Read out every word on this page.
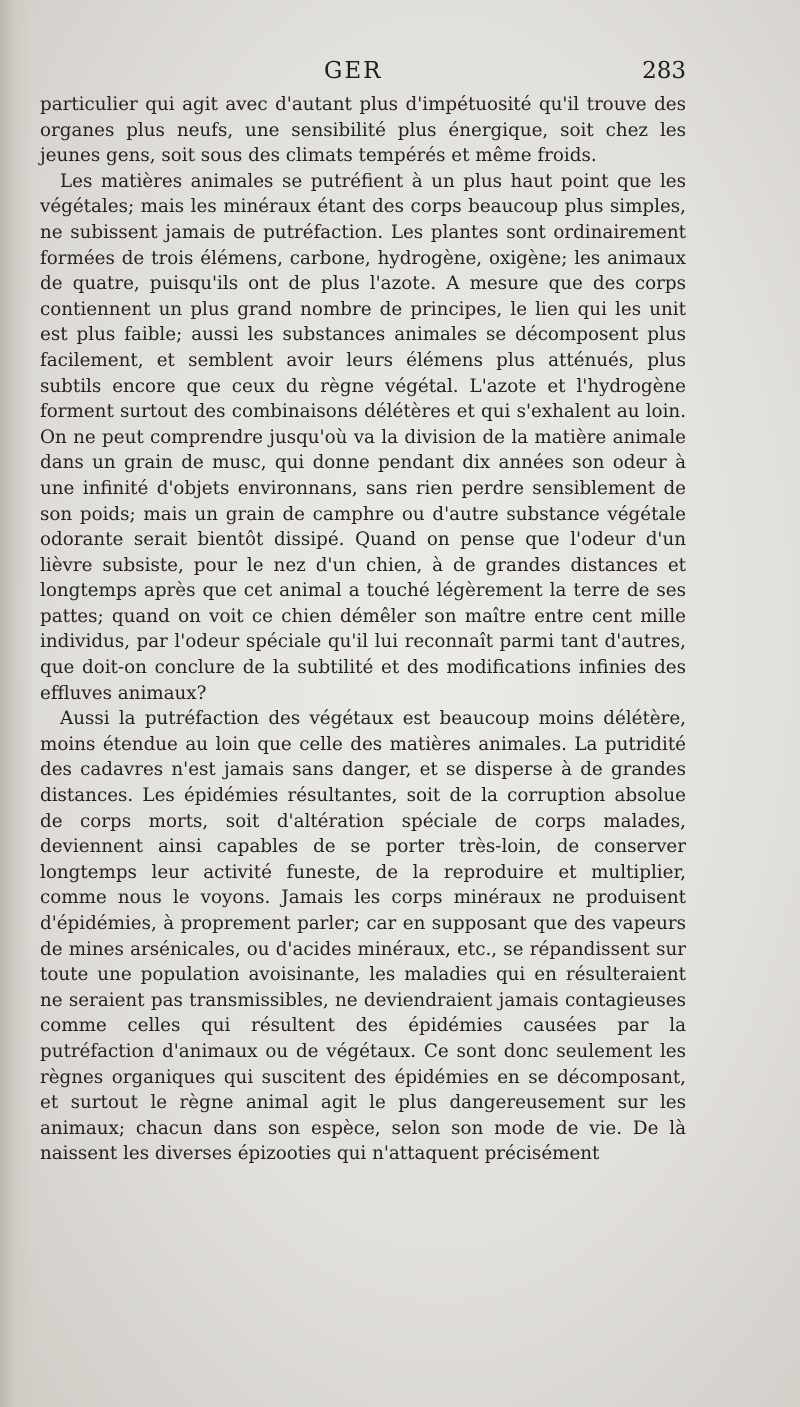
GER	283

particulier qui agit avec d'autant plus d'impétuosité qu'il trouve des organes plus neufs, une sensibilité plus énergique, soit chez les jeunes gens, soit sous des climats tempérés et même froids.

Les matières animales se putréfient à un plus haut point que les végétales; mais les minéraux étant des corps beaucoup plus simples, ne subissent jamais de putréfaction. Les plantes sont ordinairement formées de trois élémens, carbone, hydrogène, oxigène; les animaux de quatre, puisqu'ils ont de plus l'azote. A mesure que des corps contiennent un plus grand nombre de principes, le lien qui les unit est plus faible; aussi les substances animales se décomposent plus facilement, et semblent avoir leurs élémens plus atténués, plus subtils encore que ceux du règne végétal. L'azote et l'hydrogène forment surtout des combinaisons délétères et qui s'exhalent au loin. On ne peut comprendre jusqu'où va la division de la matière animale dans un grain de musc, qui donne pendant dix années son odeur à une infinité d'objets environnans, sans rien perdre sensiblement de son poids; mais un grain de camphre ou d'autre substance végétale odorante serait bientôt dissipé. Quand on pense que l'odeur d'un lièvre subsiste, pour le nez d'un chien, à de grandes distances et longtemps après que cet animal a touché légèrement la terre de ses pattes; quand on voit ce chien démêler son maître entre cent mille individus, par l'odeur spéciale qu'il lui reconnaît parmi tant d'autres, que doit-on conclure de la subtilité et des modifications infinies des effluves animaux?

Aussi la putréfaction des végétaux est beaucoup moins délétère, moins étendue au loin que celle des matières animales. La putridité des cadavres n'est jamais sans danger, et se disperse à de grandes distances. Les épidémies résultantes, soit de la corruption absolue de corps morts, soit d'altération spéciale de corps malades, deviennent ainsi capables de se porter très-loin, de conserver longtemps leur activité funeste, de la reproduire et multiplier, comme nous le voyons. Jamais les corps minéraux ne produisent d'épidémies, à proprement parler; car en supposant que des vapeurs de mines arsénicales, ou d'acides minéraux, etc., se répandissent sur toute une population avoisinante, les maladies qui en résulteraient ne seraient pas transmissibles, ne deviendraient jamais contagieuses comme celles qui résultent des épidémies causées par la putréfaction d'animaux ou de végétaux. Ce sont donc seulement les règnes organiques qui suscitent des épidémies en se décomposant, et surtout le règne animal agit le plus dangereusement sur les animaux; chacun dans son espèce, selon son mode de vie. De là naissent les diverses épizooties qui n'attaquent précisément
